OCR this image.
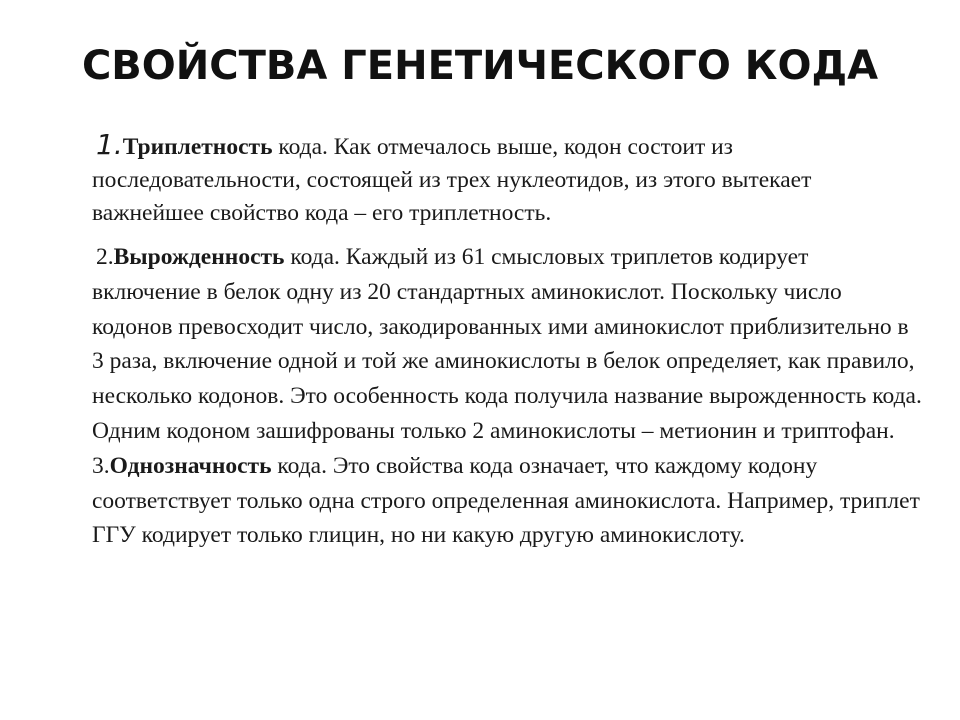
СВОЙСТВА ГЕНЕТИЧЕСКОГО КОДА

1.Триплетность кода. Как отмечалось выше, кодон состоит из последовательности, состоящей из трех нуклеотидов, из этого вытекает важнейшее свойство кода – его триплетность.

2.Вырожденность кода. Каждый из 61 смысловых триплетов кодирует включение в белок одну из 20 стандартных аминокислот. Поскольку число кодонов превосходит число, закодированных ими аминокислот приблизительно в 3 раза, включение одной и той же аминокислоты в белок определяет, как правило, несколько кодонов. Это особенность кода получила название вырожденность кода. Одним кодоном зашифрованы только 2 аминокислоты – метионин и триптофан.

3.Однозначность кода. Это свойства кода означает, что каждому кодону соответствует только одна строго определенная аминокислота. Например, триплет ГГУ кодирует только глицин, но ни какую другую аминокислоту.
